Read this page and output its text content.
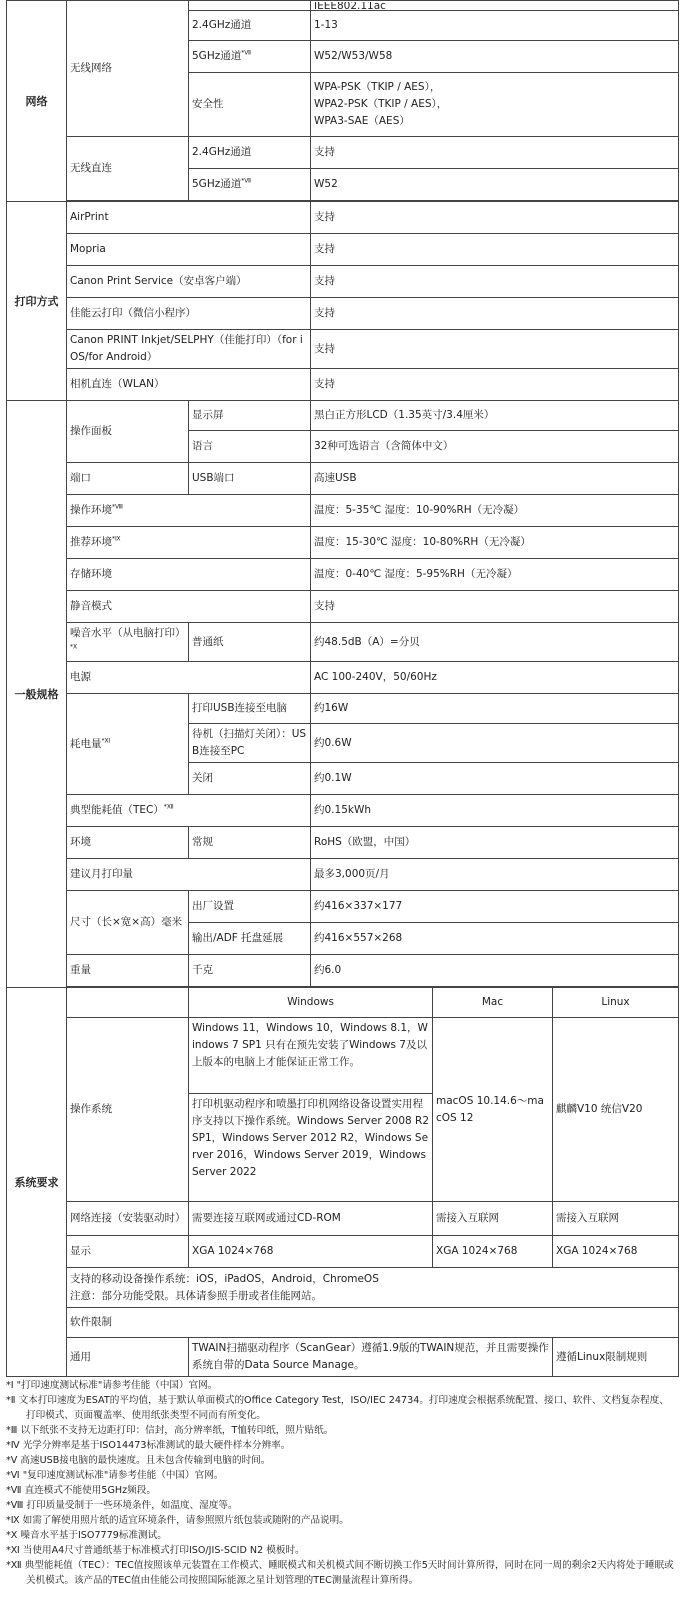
网络	无线网络		IEEE802.11ac		

		2.4GHz通道	1-13		
		5GHz通道$^{*Ⅶ}$	W52/W53/W58		
		安全性	WPA-PSK（TKIP / AES），
WPA2-PSK（TKIP / AES），
WPA3-SAE（AES）		

	无线直连	2.4GHz通道	支持		
		5GHz通道$^{*Ⅶ}$	W52		

打印方式	AirPrint		支持		
	Mopria		支持		
	Canon Print Service（安卓客户端）		支持		
	佳能云打印（微信小程序）		支持		
	Canon PRINT Inkjet/SELPHY（佳能打印）（for iOS/for Android）		支持		
	相机直连（WLAN）		支持		
一般规格	操作面板	显示屏	黑白正方形LCD（1.35英寸/3.4厘米）		
		语言	32种可选语言（含简体中文）		
	端口	USB端口	高速USB		
	操作环境$^{*Ⅷ}$		温度：5-35℃ 湿度：10-90%RH（无冷凝）		
	推荐环境$^{*Ⅸ}$		温度：15-30℃ 湿度：10-80%RH（无冷凝）		
	存储环境		温度：0-40℃ 湿度：5-95%RH（无冷凝）		
	静音模式		支持		
	噪音水平（从电脑打印）$^{*Ⅹ}$	普通纸	约48.5dB（A）=分贝		
	电源		AC 100-240V，50/60Hz		
	耗电量$^{*Ⅺ}$	打印USB连接至电脑	约16W		
		待机（扫描灯关闭）：USB连接至PC	约0.6W		
		关闭	约0.1W		
	典型能耗值（TEC）$^{*Ⅻ}$		约0.15kWh		
	环境	常规	RoHS（欧盟，中国）		
	建议月打印量		最多3,000页/月		
	尺寸（长×宽×高）毫米	出厂设置	约416×337×177		
		输出/ADF 托盘延展	约416×557×268		
	重量	千克	约6.0		

系统要求		Windows		Mac	Linux
	操作系统	Windows 11，Windows 10，Windows 8.1，Windows 7 SP1 只有在预先安装了Windows 7及以上版本的电脑上才能保证正常工作。		macOS 10.14.6～macOS 12	麒麟V10 统信V20
		打印机驱动程序和喷墨打印机网络设备设置实用程序支持以下操作系统。Windows Server 2008 R2 SP1，Windows Server 2012 R2，Windows Server 2016，Windows Server 2019，Windows Server 2022			
	网络连接（安装驱动时）	需要连接互联网或通过CD-ROM		需接入互联网	需接入互联网
	显示	XGA 1024×768		XGA 1024×768	XGA 1024×768

	支持的移动设备操作系统：iOS，iPadOS，Android，ChromeOS
注意：部分功能受限。具体请参照手册或者佳能网站。				

	软件限制				
	通用	TWAIN扫描驱动程序（ScanGear）遵循1.9版的TWAIN规范，并且需要操作系统自带的Data Source Manage。			遵循Linux限制规则
*Ⅰ "打印速度测试标准"请参考佳能（中国）官网。
*Ⅱ 文本打印速度为ESAT的平均值，基于默认单面模式的Office Category Test，ISO/IEC 24734。打印速度会根据系统配置、接口、软件、文档复杂程度、打印模式、页面覆盖率、使用纸张类型不同而有所变化。
*Ⅲ 以下纸张不支持无边距打印：信封，高分辨率纸，T恤转印纸，照片贴纸。
*Ⅳ 光学分辨率是基于ISO14473标准测试的最大硬件样本分辨率。
*Ⅴ 高速USB接电脑的最快速度。且未包含传输到电脑的时间。
*Ⅵ "复印速度测试标准"请参考佳能（中国）官网。
*Ⅶ 直连模式不能使用5GHz频段。
*Ⅷ 打印质量受制于一些环境条件，如温度、湿度等。
*Ⅸ 如需了解使用照片纸的适宜环境条件，请参照照片纸包装或随附的产品说明。
*Ⅹ 噪音水平基于ISO7779标准测试。
*Ⅺ 当使用A4尺寸普通纸基于标准模式打印ISO/JIS-SCID N2 模板时。
*Ⅻ 典型能耗值（TEC）：TEC值按照该单元装置在工作模式、睡眠模式和关机模式间不断切换工作5天时间计算所得，同时在同一周的剩余2天内将处于睡眠或关机模式。该产品的TEC值由佳能公司按照国际能源之星计划管理的TEC测量流程计算所得。
